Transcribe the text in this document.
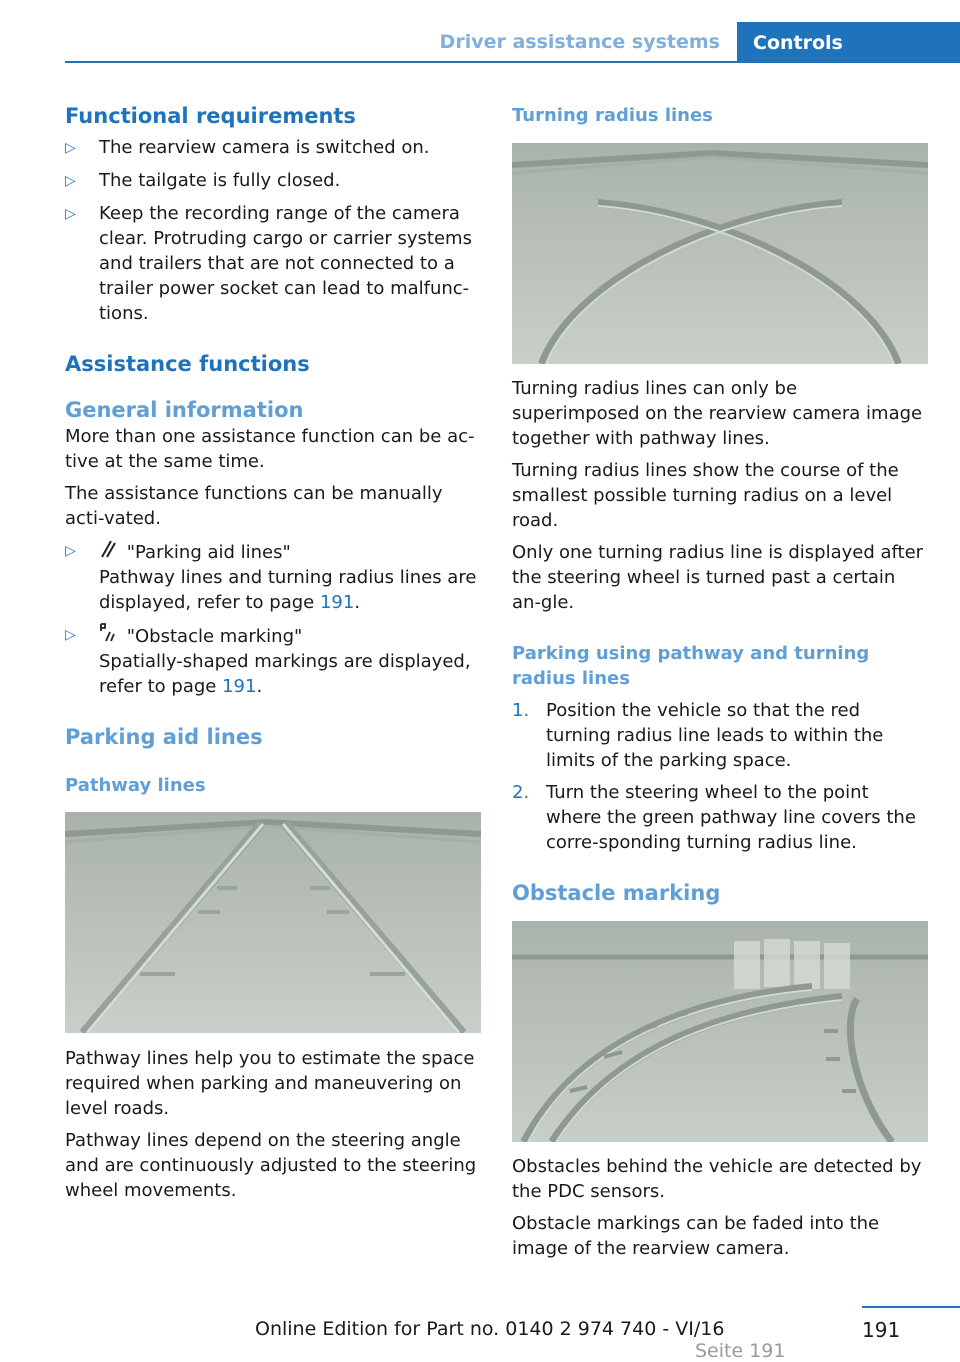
Driver assistance systems	Controls
Functional requirements
▷	The rearview camera is switched on.
▷	The tailgate is fully closed.
▷	Keep the recording range of the camera clear. Protruding cargo or carrier systems and trailers that are not connected to a trailer power socket can lead to malfunc‐tions.
Assistance functions
General information

More than one assistance function can be ac‐tive at the same time.

The assistance functions can be manually acti‐vated.

▷	"Parking aid lines"
Pathway lines and turning radius lines are displayed, refer to page 191.
▷	"Obstacle marking"
Spatially-shaped markings are displayed, refer to page 191.
Parking aid lines
Pathway lines

Pathway lines help you to estimate the space required when parking and maneuvering on level roads.

Pathway lines depend on the steering angle and are continuously adjusted to the steering wheel movements.

Turning radius lines

Turning radius lines can only be superimposed on the rearview camera image together with pathway lines.

Turning radius lines show the course of the smallest possible turning radius on a level road.

Only one turning radius line is displayed after the steering wheel is turned past a certain an‐gle.

Parking using pathway and turning radius lines
1. Position the vehicle so that the red turning radius line leads to within the limits of the parking space.
2. Turn the steering wheel to the point where the green pathway line covers the corre‐sponding turning radius line.
Obstacle marking

Obstacles behind the vehicle are detected by the PDC sensors.

Obstacle markings can be faded into the image of the rearview camera.

191
Online Edition for Part no. 0140 2 974 740 - VI/16
Seite 191
